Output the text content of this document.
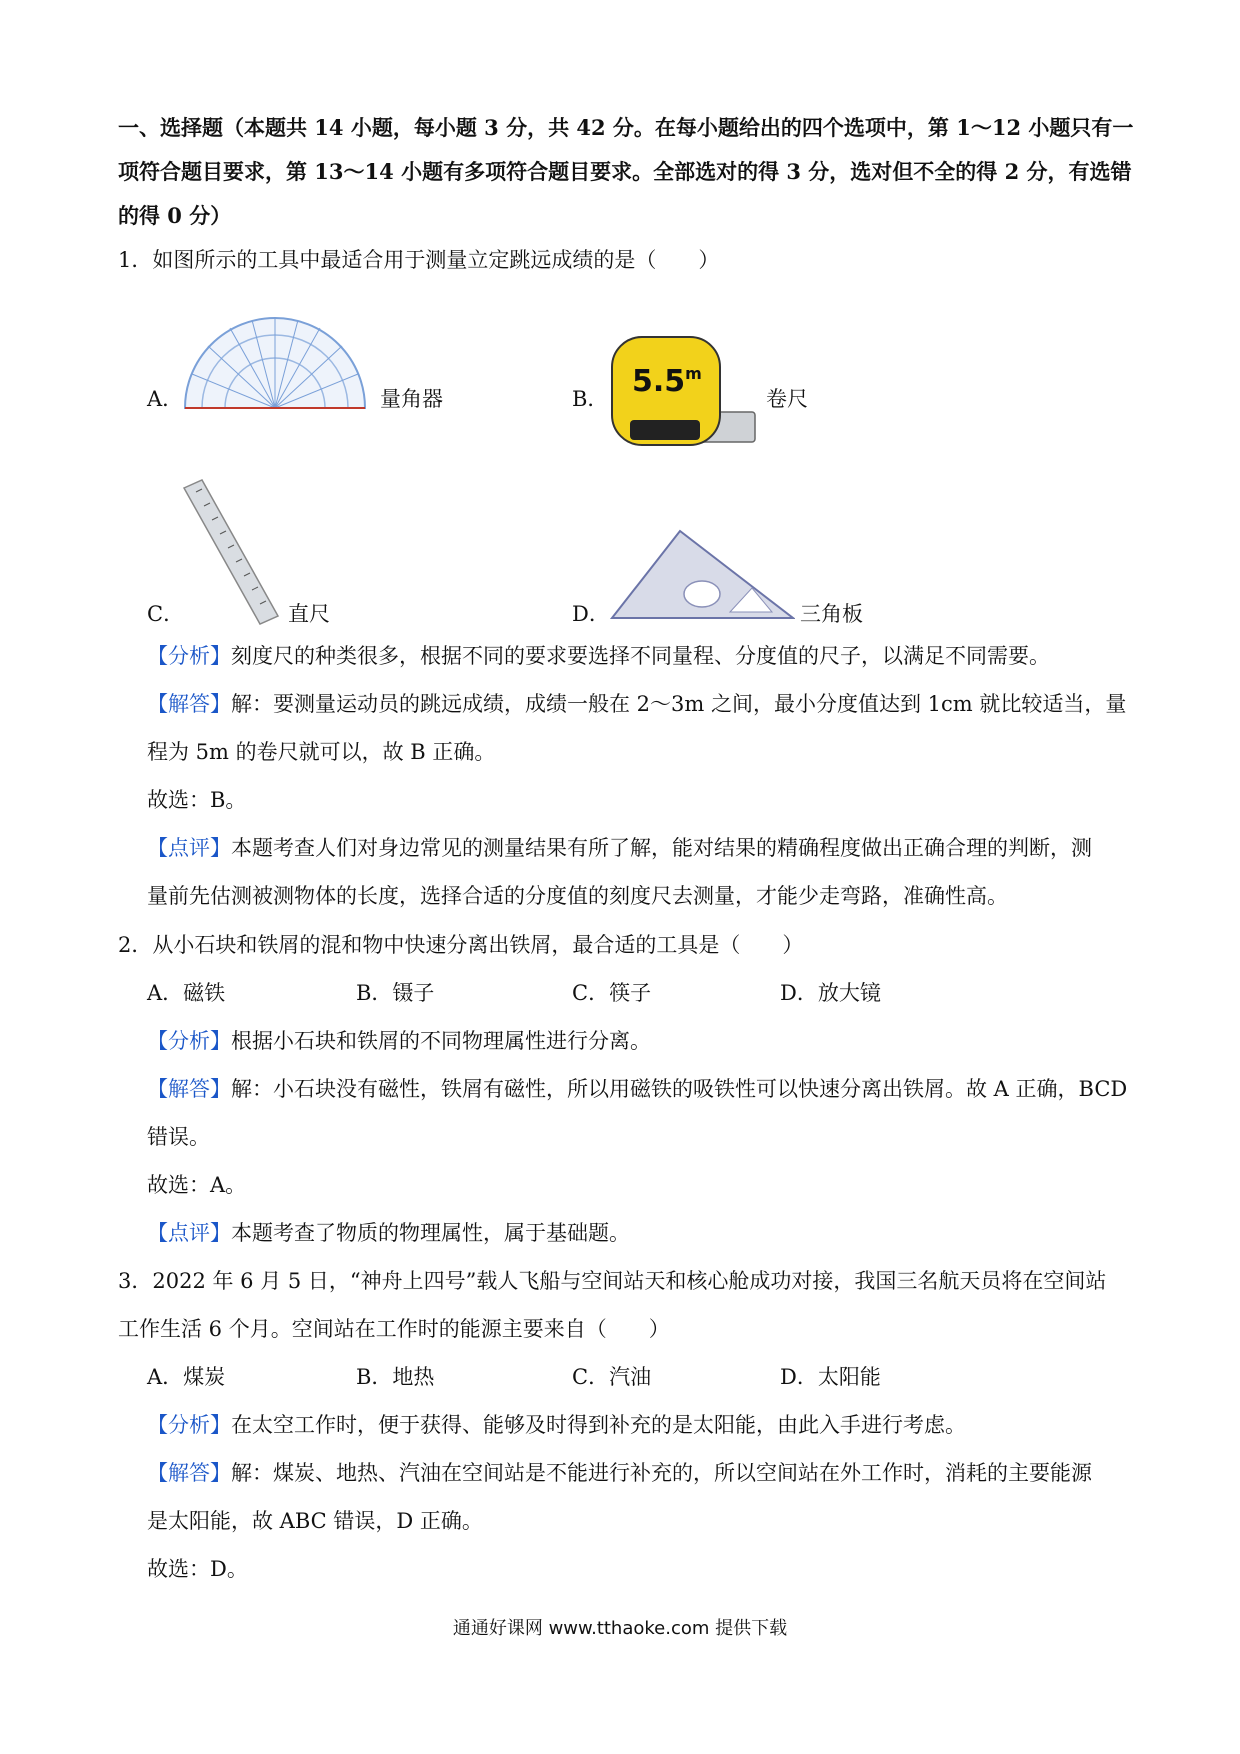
一、选择题（本题共 14 小题，每小题 3 分，共 42 分。在每小题给出的四个选项中，第 1～12 小题只有一
项符合题目要求，第 13～14 小题有多项符合题目要求。全部选对的得 3 分，选对但不全的得 2 分，有选错
的得 0 分）
1．如图所示的工具中最适合用于测量立定跳远成绩的是（　　）
A．	量角器	B． 5.5$^m$
卷尺
C．	直尺	D．	三角板
【分析】刻度尺的种类很多，根据不同的要求要选择不同量程、分度值的尺子，以满足不同需要。
【解答】解：要测量运动员的跳远成绩，成绩一般在 2～3m 之间，最小分度值达到 1cm 就比较适当，量
程为 5m 的卷尺就可以，故 B 正确。
故选：B。
【点评】本题考查人们对身边常见的测量结果有所了解，能对结果的精确程度做出正确合理的判断，测
量前先估测被测物体的长度，选择合适的分度值的刻度尺去测量，才能少走弯路，准确性高。
2．从小石块和铁屑的混和物中快速分离出铁屑，最合适的工具是（　　）
A．磁铁	B．镊子	C．筷子	D．放大镜
【分析】根据小石块和铁屑的不同物理属性进行分离。
【解答】解：小石块没有磁性，铁屑有磁性，所以用磁铁的吸铁性可以快速分离出铁屑。故 A 正确，BCD
错误。
故选：A。
【点评】本题考查了物质的物理属性，属于基础题。
3．2022 年 6 月 5 日，“神舟上四号”载人飞船与空间站天和核心舱成功对接，我国三名航天员将在空间站
工作生活 6 个月。空间站在工作时的能源主要来自（　　）
A．煤炭	B．地热	C．汽油	D．太阳能
【分析】在太空工作时，便于获得、能够及时得到补充的是太阳能，由此入手进行考虑。
【解答】解：煤炭、地热、汽油在空间站是不能进行补充的，所以空间站在外工作时，消耗的主要能源
是太阳能，故 ABC 错误，D 正确。
故选：D。
通通好课网 www.tthaoke.com 提供下载
